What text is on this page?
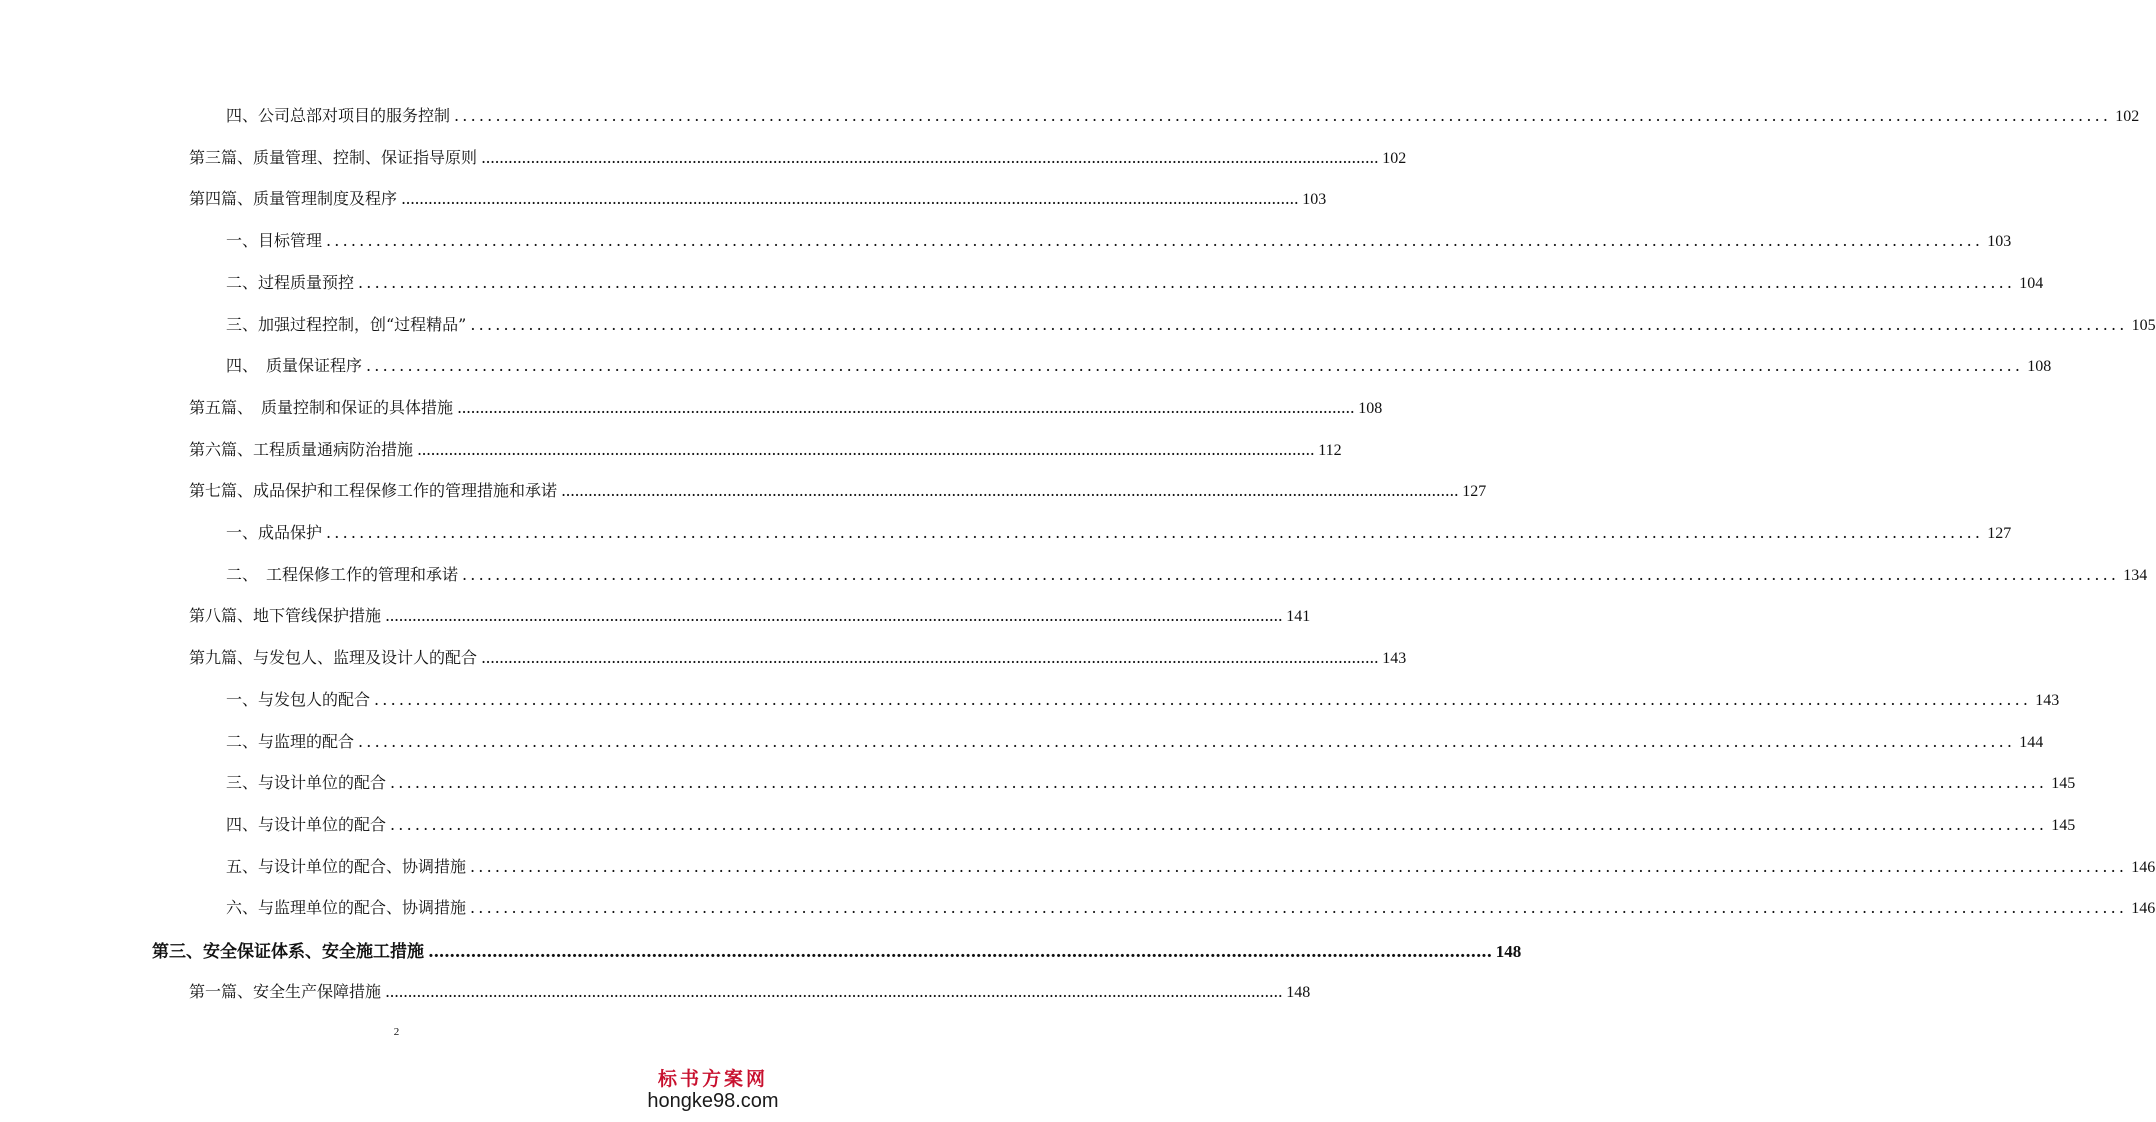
四、公司总部对项目的服务控制 ........................................................................................................................................................................................................ 102
第三篇、质量管理、控制、保证指导原则 ........................................................................................................................................................................................................ 102
第四篇、质量管理制度及程序 ........................................................................................................................................................................................................ 103
一、目标管理 ........................................................................................................................................................................................................ 103
二、过程质量预控 ........................................................................................................................................................................................................ 104
三、加强过程控制，创“过程精品” ........................................................................................................................................................................................................ 105
四、　质量保证程序 ........................................................................................................................................................................................................ 108
第五篇、　质量控制和保证的具体措施 ........................................................................................................................................................................................................ 108
第六篇、工程质量通病防治措施 ........................................................................................................................................................................................................ 112
第七篇、成品保护和工程保修工作的管理措施和承诺 ........................................................................................................................................................................................................ 127
一、成品保护 ........................................................................................................................................................................................................ 127
二、　工程保修工作的管理和承诺 ........................................................................................................................................................................................................ 134
第八篇、地下管线保护措施 ........................................................................................................................................................................................................ 141
第九篇、与发包人、监理及设计人的配合 ........................................................................................................................................................................................................ 143
一、与发包人的配合 ........................................................................................................................................................................................................ 143
二、与监理的配合 ........................................................................................................................................................................................................ 144
三、与设计单位的配合 ........................................................................................................................................................................................................ 145
四、与设计单位的配合 ........................................................................................................................................................................................................ 145
五、与设计单位的配合、协调措施 ........................................................................................................................................................................................................ 146
六、与监理单位的配合、协调措施 ........................................................................................................................................................................................................ 146
第三、安全保证体系、安全施工措施 ........................................................................................................................................................................................................ 148
第一篇、安全生产保障措施 ........................................................................................................................................................................................................ 148
2
标书方案网
hongke98.com
